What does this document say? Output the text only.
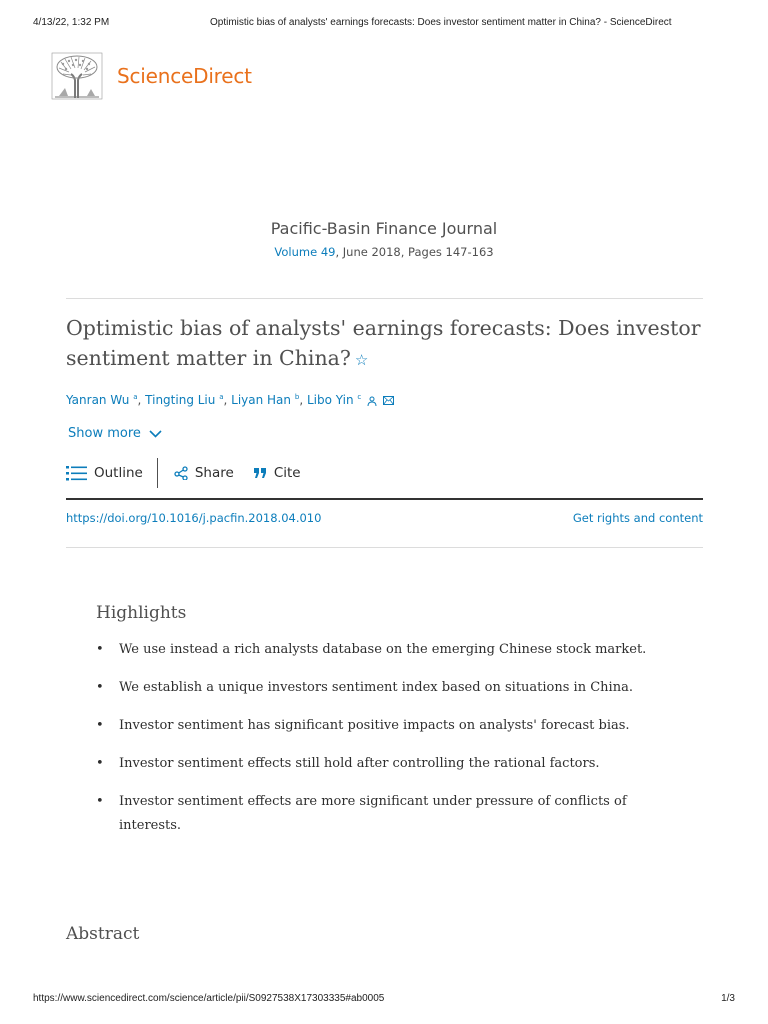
4/13/22, 1:32 PM	Optimistic bias of analysts' earnings forecasts: Does investor sentiment matter in China? - ScienceDirect
ScienceDirect
Pacific-Basin Finance Journal
Volume 49, June 2018, Pages 147-163
Optimistic bias of analysts' earnings forecasts: Does investor sentiment matter in China? ☆
Yanran Wu $^a$, Tingting Liu $^a$, Liyan Han $^b$, Libo Yin $^c$
Show more
Outline	Share	Cite
https://doi.org/10.1016/j.pacfin.2018.04.010	Get rights and content
Highlights
• We use instead a rich analysts database on the emerging Chinese stock market.
• We establish a unique investors sentiment index based on situations in China.
• Investor sentiment has significant positive impacts on analysts' forecast bias.
• Investor sentiment effects still hold after controlling the rational factors.
• Investor sentiment effects are more significant under pressure of conflicts of interests.
Abstract
https://www.sciencedirect.com/science/article/pii/S0927538X17303335#ab0005	1/3
